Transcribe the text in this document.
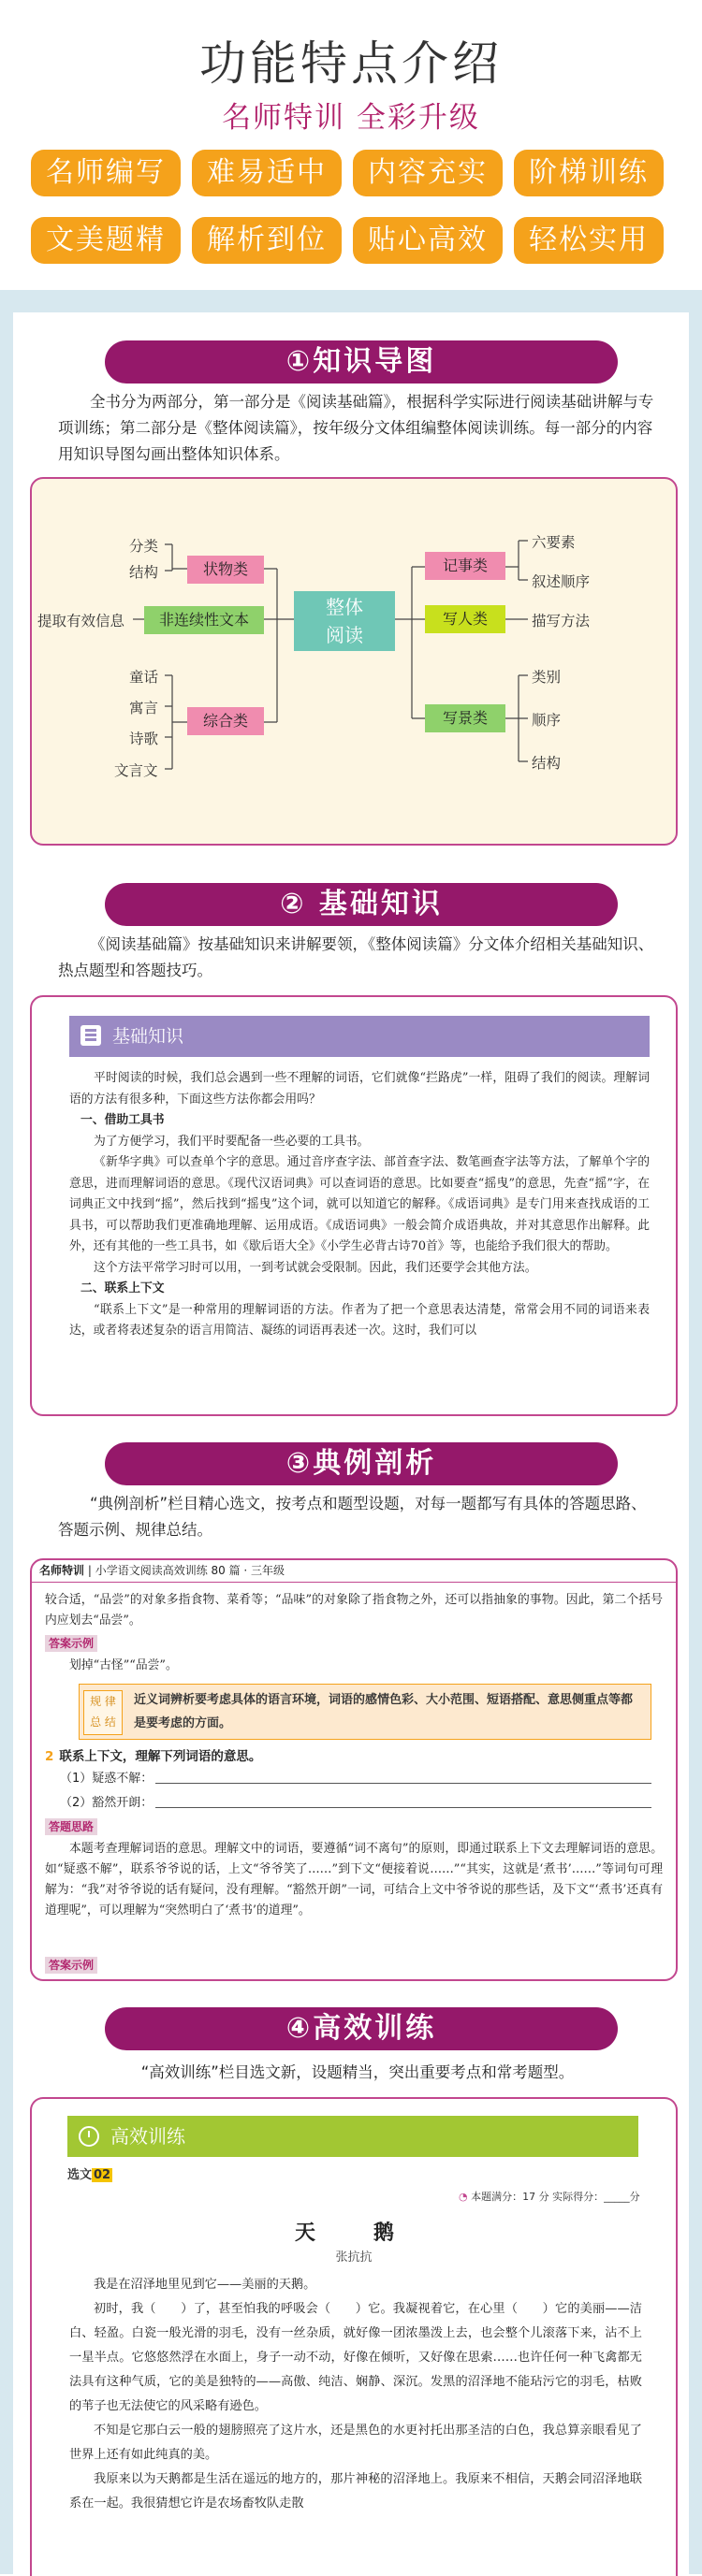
功能特点介绍
名师特训 全彩升级
名师编写	难易适中	内容充实	阶梯训练
文美题精	解析到位	贴心高效	轻松实用
①知识导图
全书分为两部分，第一部分是《阅读基础篇》，根据科学实际进行阅读基础讲解与专项训练；第二部分是《整体阅读篇》，按年级分文体组编整体阅读训练。每一部分的内容用知识导图勾画出整体知识体系。
状物类
非连续性文本
综合类
整体
阅读
记事类
写人类
写景类
分类
结构
提取有效信息
童话
寓言
诗歌
文言文
六要素
叙述顺序
描写方法
类别
顺序
结构
② 基础知识
《阅读基础篇》按基础知识来讲解要领，《整体阅读篇》分文体介绍相关基础知识、热点题型和答题技巧。
基础知识

平时阅读的时候，我们总会遇到一些不理解的词语，它们就像“拦路虎”一样，阻碍了我们的阅读。理解词语的方法有很多种，下面这些方法你都会用吗？

一、借助工具书

为了方便学习，我们平时要配备一些必要的工具书。

《新华字典》可以查单个字的意思。通过音序查字法、部首查字法、数笔画查字法等方法，了解单个字的意思，进而理解词语的意思。《现代汉语词典》可以查词语的意思。比如要查“摇曳”的意思，先查“摇”字，在词典正文中找到“摇”，然后找到“摇曳”这个词，就可以知道它的解释。《成语词典》是专门用来查找成语的工具书，可以帮助我们更准确地理解、运用成语。《成语词典》一般会简介成语典故，并对其意思作出解释。此外，还有其他的一些工具书，如《歇后语大全》《小学生必背古诗70首》等，也能给予我们很大的帮助。

这个方法平常学习时可以用，一到考试就会受限制。因此，我们还要学会其他方法。

二、联系上下文

“联系上下文”是一种常用的理解词语的方法。作者为了把一个意思表达清楚，常常会用不同的词语来表达，或者将表述复杂的语言用简洁、凝练的词语再表述一次。这时，我们可以

③典例剖析
“典例剖析”栏目精心选文，按考点和题型设题，对每一题都写有具体的答题思路、答题示例、规律总结。
名师特训 | 小学语文阅读高效训练 80 篇 · 三年级
较合适，“品尝”的对象多指食物、菜肴等；“品味”的对象除了指食物之外，还可以指抽象的事物。因此，第二个括号内应划去“品尝”。
答案示例
划掉“古怪”“品尝”。
规 律
总 结
近义词辨析要考虑具体的语言环境，词语的感情色彩、大小范围、短语搭配、意思侧重点等都是要考虑的方面。
2 联系上下文，理解下列词语的意思。
（1）疑惑不解：
（2）豁然开朗：
答题思路

本题考查理解词语的意思。理解文中的词语，要遵循“词不离句”的原则，即通过联系上下文去理解词语的意思。如“疑惑不解”，联系爷爷说的话，上文“爷爷笑了……”到下文“便接着说……”“其实，这就是‘煮书’……”等词句可理解为：“我”对爷爷说的话有疑问，没有理解。“豁然开朗”一词，可结合上文中爷爷说的那些话，及下文“‘煮书’还真有道理呢”，可以理解为“突然明白了‘煮书’的道理”。

答案示例
④高效训练
“高效训练”栏目选文新，设题精当，突出重要考点和常考题型。
高效训练
选文 02
◔ 本题满分：17 分 实际得分：_____分
天　鹅
张抗抗

我是在沼泽地里见到它——美丽的天鹅。

初时，我（　　）了，甚至怕我的呼吸会（　　）它。我凝视着它，在心里（　　）它的美丽——洁白、轻盈。白瓷一般光滑的羽毛，没有一丝杂质，就好像一团浓墨泼上去，也会整个儿滚落下来，沾不上一星半点。它悠悠然浮在水面上，身子一动不动，好像在倾听，又好像在思索……也许任何一种飞禽都无法具有这种气质，它的美是独特的——高傲、纯洁、娴静、深沉。发黑的沼泽地不能玷污它的羽毛，枯败的苇子也无法使它的风采略有逊色。

不知是它那白云一般的翅膀照亮了这片水，还是黑色的水更衬托出那圣洁的白色，我总算亲眼看见了世界上还有如此纯真的美。

我原来以为天鹅都是生活在遥远的地方的，那片神秘的沼泽地上。我原来不相信，天鹅会同沼泽地联系在一起。我很猜想它许是农场畜牧队走散
